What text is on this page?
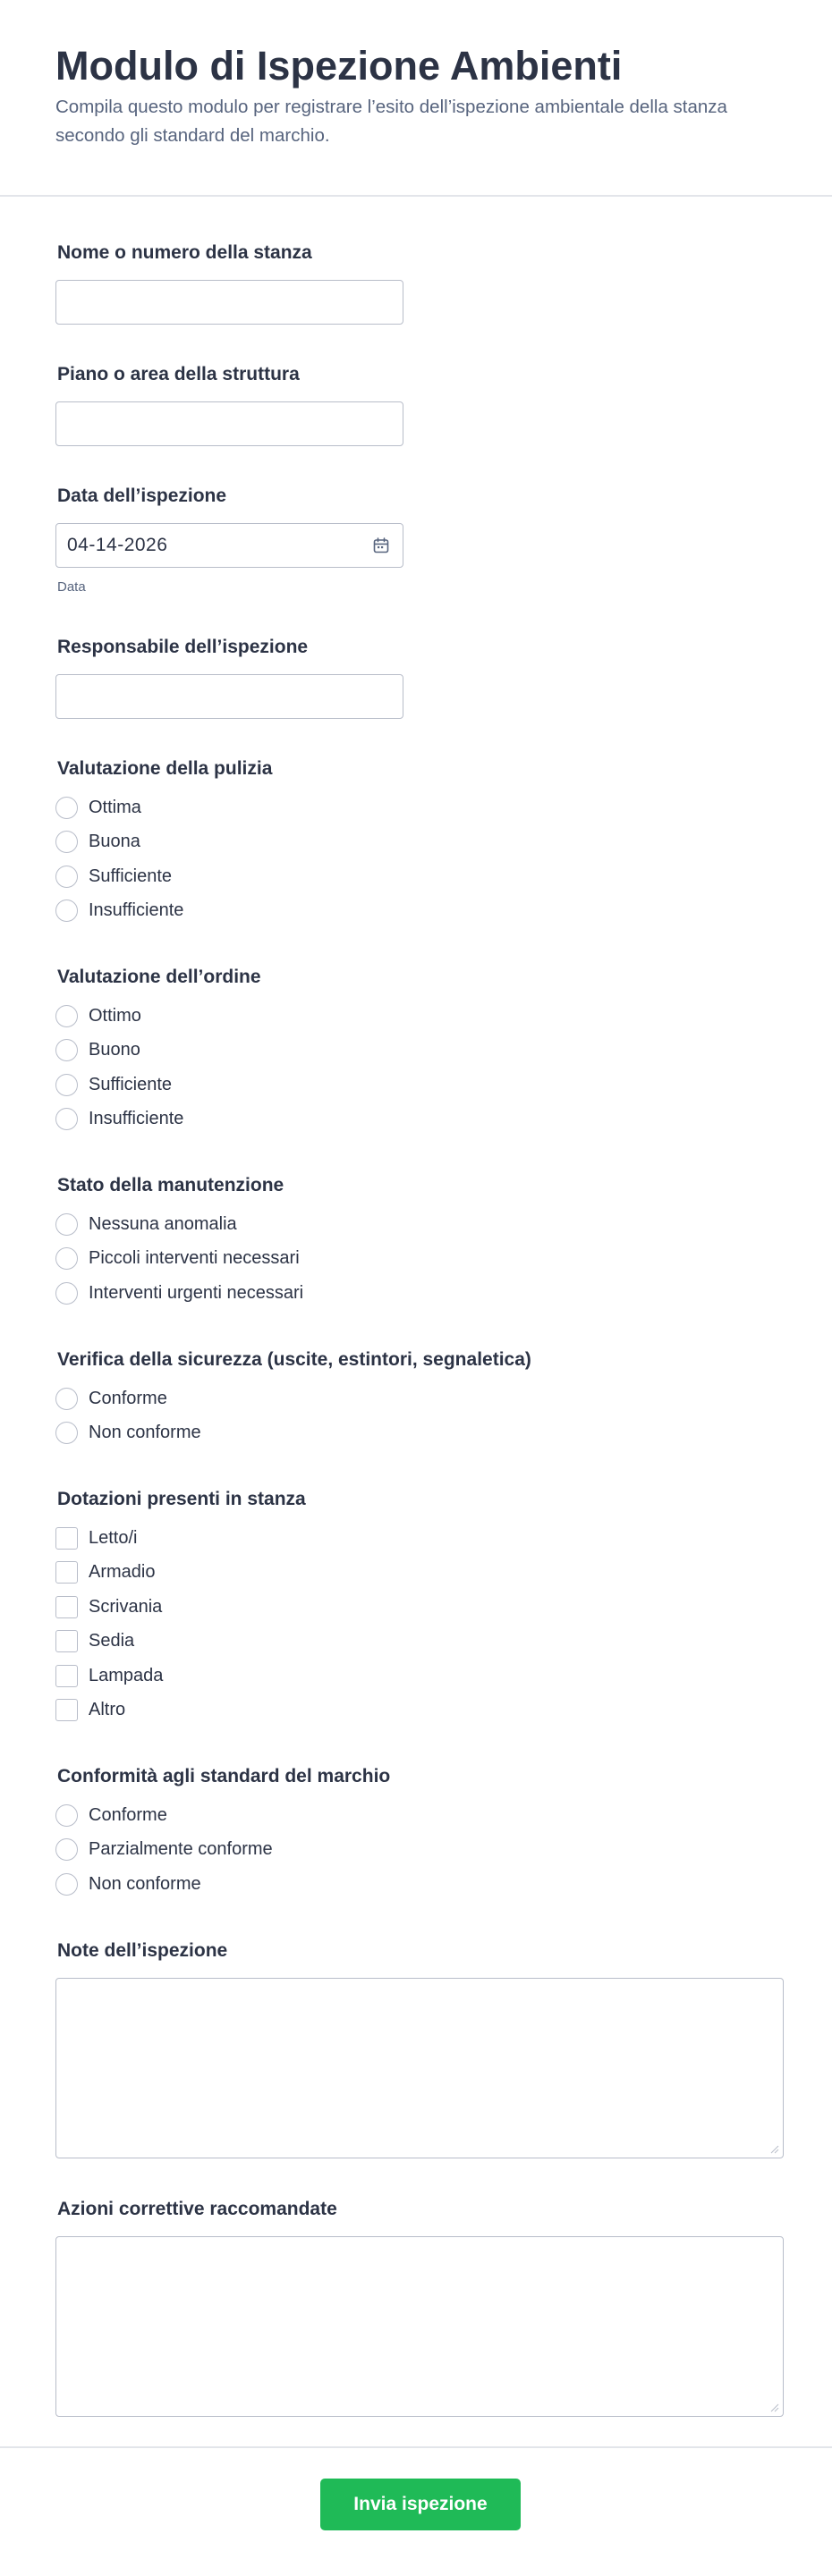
Modulo di Ispezione Ambienti
Compila questo modulo per registrare l’esito dell’ispezione ambientale della stanza secondo gli standard del marchio.
Nome o numero della stanza
Piano o area della struttura
Data dell’ispezione
04-14-2026
Data
Responsabile dell’ispezione
Valutazione della pulizia
Ottima
Buona
Sufficiente
Insufficiente
Valutazione dell’ordine
Ottimo
Buono
Sufficiente
Insufficiente
Stato della manutenzione
Nessuna anomalia
Piccoli interventi necessari
Interventi urgenti necessari
Verifica della sicurezza (uscite, estintori, segnaletica)
Conforme
Non conforme
Dotazioni presenti in stanza
Letto/i
Armadio
Scrivania
Sedia
Lampada
Altro
Conformità agli standard del marchio
Conforme
Parzialmente conforme
Non conforme
Note dell’ispezione
Azioni correttive raccomandate
Invia ispezione
